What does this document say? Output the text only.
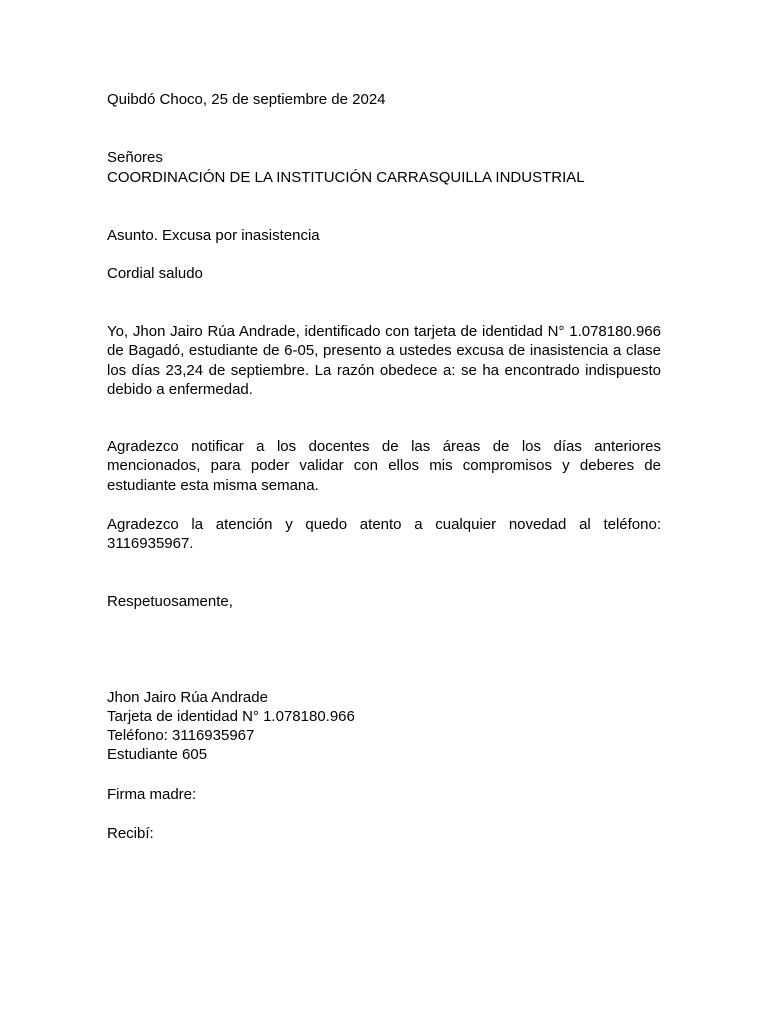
Quibdó Choco, 25 de septiembre de 2024
Señores
COORDINACIÓN DE LA INSTITUCIÓN CARRASQUILLA INDUSTRIAL
Asunto. Excusa por inasistencia
Cordial saludo
Yo, Jhon Jairo Rúa Andrade, identificado con tarjeta de identidad N° 1.078180.966
de Bagadó, estudiante de 6-05, presento a ustedes excusa de inasistencia a clase
los días 23,24 de septiembre. La razón obedece a: se ha encontrado indispuesto
debido a enfermedad.
Agradezco notificar a los docentes de las áreas de los días anteriores
mencionados, para poder validar con ellos mis compromisos y deberes de
estudiante esta misma semana.
Agradezco la atención y quedo atento a cualquier novedad al teléfono:
3116935967.
Respetuosamente,
Jhon Jairo Rúa Andrade
Tarjeta de identidad N° 1.078180.966
Teléfono: 3116935967
Estudiante 605
Firma madre:
Recibí:
